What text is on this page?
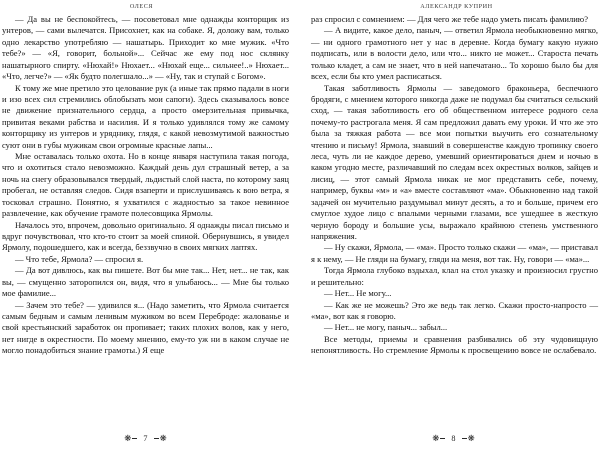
ОЛЕСЯ

— Да вы не беспокойтесь, — посоветовал мне однажды конторщик из унтеров, — сами вылечатся. Присохнет, как на собаке. Я, доложу вам, только одно лекарство употребляю — нашатырь. Приходит ко мне мужик. «Что тебе?» — «Я, говорит, больной»... Сейчас же ему под нос склянку нашатырного спирту. «Нюхай!» Нюхает... «Нюхай еще... сильнее!..» Нюхает... «Что, легче?» — «Як будто полегшало...» — «Ну, так и ступай с Богом».

К тому же мне претило это целование рук (а иные так прямо падали в ноги и изо всех сил стремились облобызать мои сапоги). Здесь сказывалось вовсе не движение признательного сердца, а просто омерзительная привычка, привитая веками рабства и насилия. И я только удивлялся тому же самому конторщику из унтеров и уряднику, глядя, с какой невозмутимой важностью суют они в губы мужикам свои огромные красные лапы...

Мне оставалась только охота. Но в конце января наступила такая погода, что и охотиться стало невозможно. Каждый день дул страшный ветер, а за ночь на снегу образовывался твердый, льдистый слой наста, по которому заяц пробегал, не оставляя следов. Сидя взаперти и прислушиваясь к вою ветра, я тосковал страшно. Понятно, я ухватился с жадностью за такое невинное развлечение, как обучение грамоте полесовщика Ярмолы.

Началось это, впрочем, довольно оригинально. Я однажды писал письмо и вдруг почувствовал, что кто-то стоит за моей спиной. Обернувшись, я увидел Ярмолу, подошедшего, как и всегда, беззвучно в своих мягких лаптях.

— Что тебе, Ярмола? — спросил я.

— Да вот дивлюсь, как вы пишете. Вот бы мне так... Нет, нет... не так, как вы, — смущенно заторопился он, видя, что я улыбаюсь... — Мне бы только мое фамилие...

— Зачем это тебе? — удивился я... (Надо заметить, что Ярмола считается самым бедным и самым ленивым мужиком во всем Переброде: жалованье и свой крестьянский заработок он пропивает; таких плохих волов, как у него, нет нигде в окрестности. По моему мнению, ему-то уж ни в каком случае не могло понадобиться знание грамоты.) Я еще

❋ 7 ❋
АЛЕКСАНДР КУПРИН

раз спросил с сомнением: — Для чего же тебе надо уметь писать фамилию?

— А видите, какое дело, паныч, — ответил Ярмола необыкновенно мягко, — ни одного грамотного нет у нас в деревне. Когда бумагу какую нужно подписать, или в волости дело, или что... никто не может... Староста печать только кладет, а сам не знает, что в ней напечатано... То хорошо было бы для всех, если бы кто умел расписаться.

Такая заботливость Ярмолы — заведомого браконьера, беспечного бродяги, с мнением которого никогда даже не подумал бы считаться сельский сход, — такая заботливость его об общественном интересе родного села почему-то растрогала меня. Я сам предложил давать ему уроки. И что же это была за тяжкая работа — все мои попытки выучить его сознательному чтению и письму! Ярмола, знавший в совершенстве каждую тропинку своего леса, чуть ли не каждое дерево, умевший ориентироваться днем и ночью в каком угодно месте, различавший по следам всех окрестных волков, зайцев и лисиц, — этот самый Ярмола никак не мог представить себе, почему, например, буквы «м» и «а» вместе составляют «ма». Обыкновенно над такой задачей он мучительно раздумывал минут десять, а то и больше, причем его смуглое худое лицо с впалыми черными глазами, все ушедшее в жесткую черную бороду и большие усы, выражало крайнюю степень умственного напряжения.

— Ну скажи, Ярмола, — «ма». Просто только скажи — «ма», — приставал я к нему, — Не гляди на бумагу, гляди на меня, вот так. Ну, говори — «ма»...

Тогда Ярмола глубоко вздыхал, клал на стол указку и произносил грустно и решительно:

— Нет... Не могу...

— Как же не можешь? Это же ведь так легко. Скажи просто-напросто — «ма», вот как я говорю.

— Нет... не могу, паныч... забыл...

Все методы, приемы и сравнения разбивались об эту чудовищную непонятливость. Но стремление Ярмолы к просвещению вовсе не ослабевало.

❋ 8 ❋
